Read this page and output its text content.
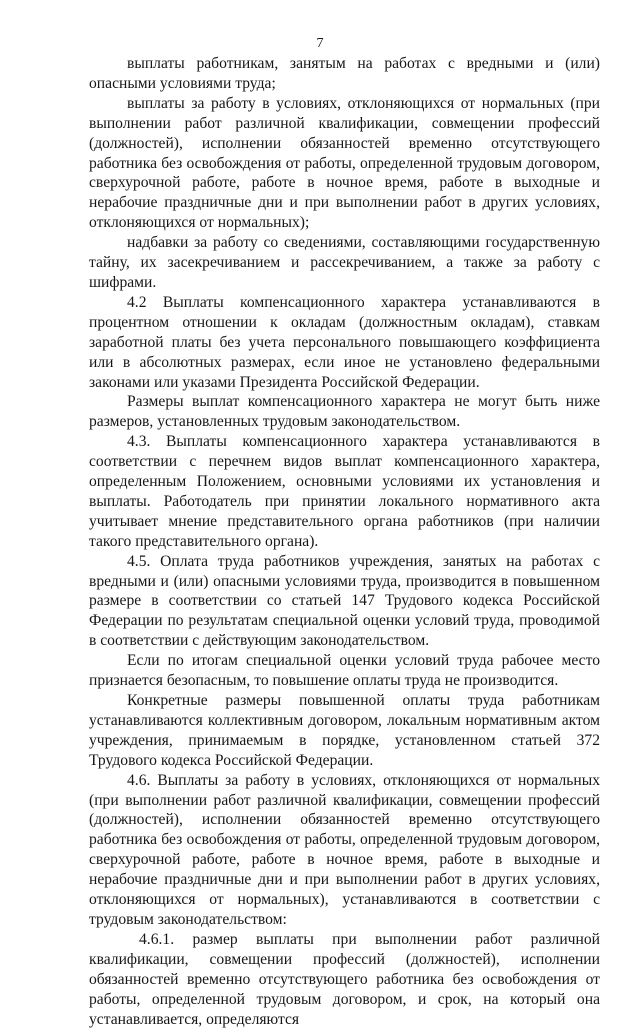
7

выплаты работникам, занятым на работах с вредными и (или) опасными условиями труда;

выплаты за работу в условиях, отклоняющихся от нормальных (при выполнении работ различной квалификации, совмещении профессий (должностей), исполнении обязанностей временно отсутствующего работника без освобождения от работы, определенной трудовым договором, сверхурочной работе, работе в ночное время, работе в выходные и нерабочие праздничные дни и при выполнении работ в других условиях, отклоняющихся от нормальных);

надбавки за работу со сведениями, составляющими государственную тайну, их засекречиванием и рассекречиванием, а также за работу с шифрами.

4.2 Выплаты компенсационного характера устанавливаются в процентном отношении к окладам (должностным окладам), ставкам заработной платы без учета персонального повышающего коэффициента или в абсолютных размерах, если иное не установлено федеральными законами или указами Президента Российской Федерации.

Размеры выплат компенсационного характера не могут быть ниже размеров, установленных трудовым законодательством.

4.3. Выплаты компенсационного характера устанавливаются в соответствии с перечнем видов выплат компенсационного характера, определенным Положением, основными условиями их установления и выплаты. Работодатель при принятии локального нормативного акта учитывает мнение представительного органа работников (при наличии такого представительного органа).

4.5. Оплата труда работников учреждения, занятых на работах с вредными и (или) опасными условиями труда, производится в повышенном размере в соответствии со статьей 147 Трудового кодекса Российской Федерации по результатам специальной оценки условий труда, проводимой в соответствии с действующим законодательством.

Если по итогам специальной оценки условий труда рабочее место признается безопасным, то повышение оплаты труда не производится.

Конкретные размеры повышенной оплаты труда работникам устанавливаются коллективным договором, локальным нормативным актом учреждения, принимаемым в порядке, установленном статьей 372 Трудового кодекса Российской Федерации.

4.6. Выплаты за работу в условиях, отклоняющихся от нормальных (при выполнении работ различной квалификации, совмещении профессий (должностей), исполнении обязанностей временно отсутствующего работника без освобождения от работы, определенной трудовым договором, сверхурочной работе, работе в ночное время, работе в выходные и нерабочие праздничные дни и при выполнении работ в других условиях, отклоняющихся от нормальных), устанавливаются в соответствии с трудовым законодательством:

4.6.1. размер выплаты при выполнении работ различной квалификации, совмещении профессий (должностей), исполнении обязанностей временно отсутствующего работника без освобождения от работы, определенной трудовым договором, и срок, на который она устанавливается, определяются
